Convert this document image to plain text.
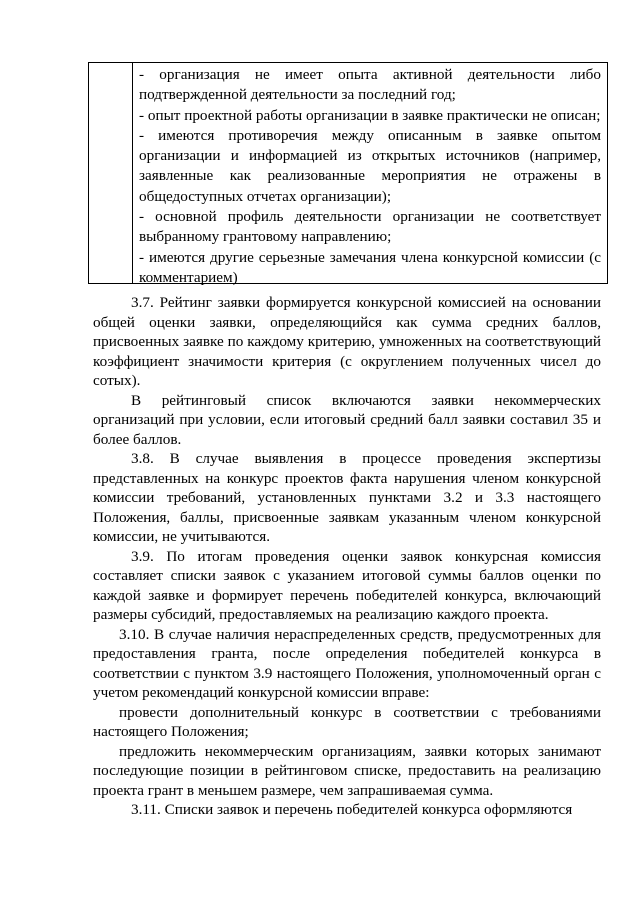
- организация не имеет опыта активной деятельности либо подтвержденной деятельности за последний год;
- опыт проектной работы организации в заявке практически не описан;
- имеются противоречия между описанным в заявке опытом организации и информацией из открытых источников (например, заявленные как реализованные мероприятия не отражены в общедоступных отчетах организации);
- основной профиль деятельности организации не соответствует выбранному грантовому направлению;
- имеются другие серьезные замечания члена конкурсной комиссии (с комментарием)

3.7. Рейтинг заявки формируется конкурсной комиссией на основании общей оценки заявки, определяющийся как сумма средних баллов, присвоенных заявке по каждому критерию, умноженных на соответствующий коэффициент значимости критерия (с округлением полученных чисел до сотых).

В рейтинговый список включаются заявки некоммерческих организаций при условии, если итоговый средний балл заявки составил 35 и более баллов.

3.8. В случае выявления в процессе проведения экспертизы представленных на конкурс проектов факта нарушения членом конкурсной комиссии требований, установленных пунктами 3.2 и 3.3 настоящего Положения, баллы, присвоенные заявкам указанным членом конкурсной комиссии, не учитываются.

3.9. По итогам проведения оценки заявок конкурсная комиссия составляет списки заявок с указанием итоговой суммы баллов оценки по каждой заявке и формирует перечень победителей конкурса, включающий размеры субсидий, предоставляемых на реализацию каждого проекта.

3.10. В случае наличия нераспределенных средств, предусмотренных для предоставления гранта, после определения победителей конкурса в соответствии с пунктом 3.9 настоящего Положения, уполномоченный орган с учетом рекомендаций конкурсной комиссии вправе:

провести дополнительный конкурс в соответствии с требованиями настоящего Положения;

предложить некоммерческим организациям, заявки которых занимают последующие позиции в рейтинговом списке, предоставить на реализацию проекта грант в меньшем размере, чем запрашиваемая сумма.

3.11. Списки заявок и перечень победителей конкурса оформляются
